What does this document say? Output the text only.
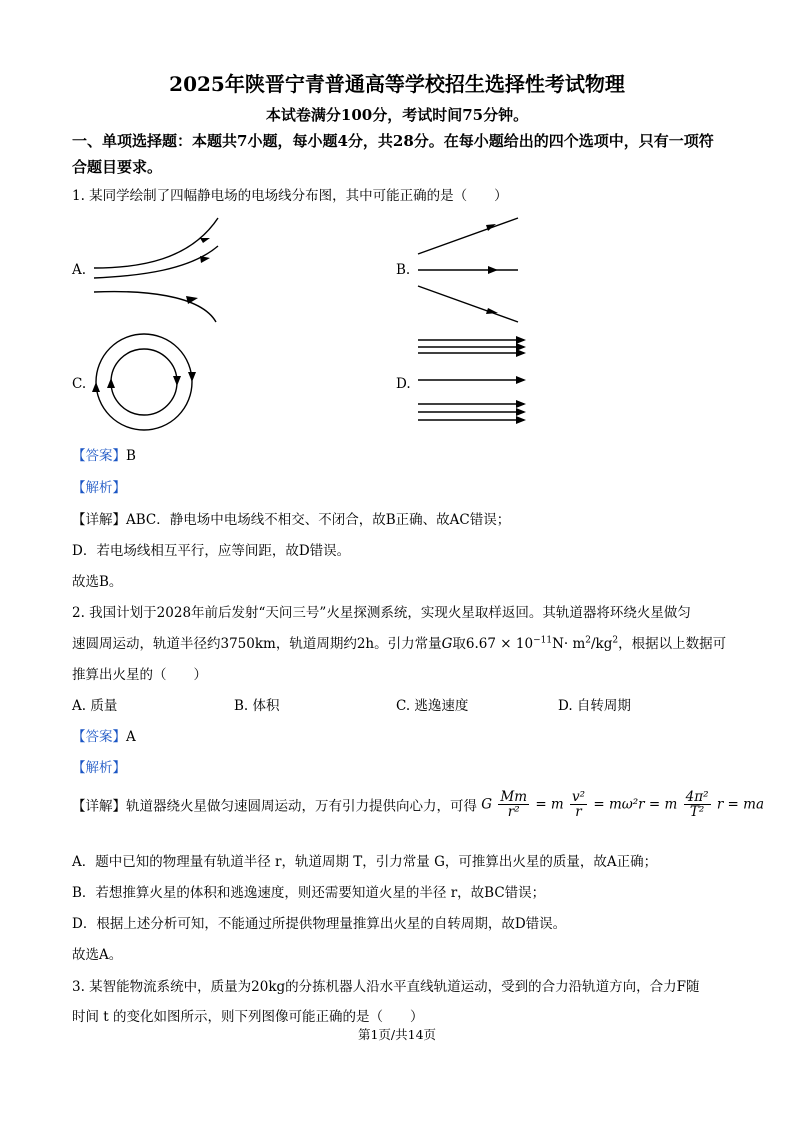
2025年陕晋宁青普通高等学校招生选择性考试物理
本试卷满分100分，考试时间75分钟。
一、单项选择题：本题共7小题，每小题4分，共28分。在每小题给出的四个选项中，只有一项符合题目要求。
1. 某同学绘制了四幅静电场的电场线分布图，其中可能正确的是（　　）
A.	B.
C.	D.
【答案】B
【解析】
【详解】ABC．静电场中电场线不相交、不闭合，故B正确、故AC错误；
D．若电场线相互平行，应等间距，故D错误。
故选B。
2. 我国计划于2028年前后发射“天问三号”火星探测系统，实现火星取样返回。其轨道器将环绕火星做匀
速圆周运动，轨道半径约3750km，轨道周期约2h。引力常量G取$6.67 \times 10^{-11}N\cdot m^2/kg^2$，根据以上数据可
推算出火星的（　　）
A. 质量	B. 体积	C. 逃逸速度	D. 自转周期
【答案】A
【解析】
【详解】轨道器绕火星做匀速圆周运动，万有引力提供向心力，可得 G $\frac{Mm}{\text{r²}} = m \frac{\text{v²}}{r} = m\omega^2r = m \frac{\text{4π²}}{\text{T²}}$ r = ma
A．题中已知的物理量有轨道半径 r，轨道周期 T，引力常量 G，可推算出火星的质量，故A正确；
B．若想推算火星的体积和逃逸速度，则还需要知道火星的半径 r，故BC错误；
D．根据上述分析可知，不能通过所提供物理量推算出火星的自转周期，故D错误。
故选A。
3. 某智能物流系统中，质量为20kg的分拣机器人沿水平直线轨道运动，受到的合力沿轨道方向，合力F随
时间 t 的变化如图所示，则下列图像可能正确的是（　　）
第1页/共14页
